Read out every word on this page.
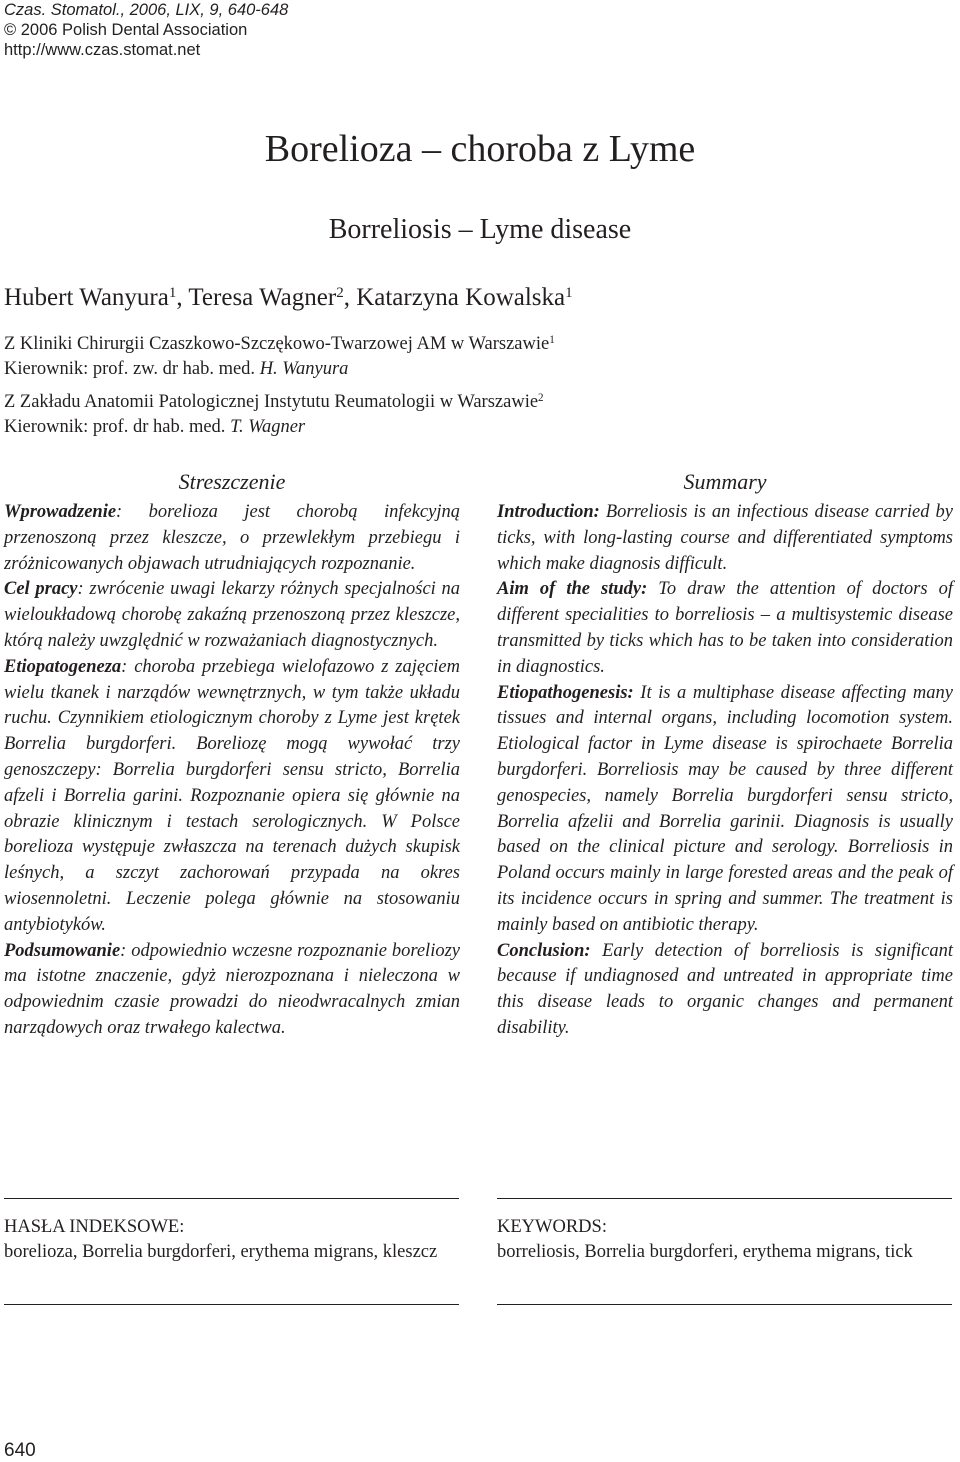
Czas. Stomatol., 2006, LIX, 9, 640-648
© 2006 Polish Dental Association
http://www.czas.stomat.net
Borelioza – choroba z Lyme
Borreliosis – Lyme disease
Hubert Wanyura$^1$, Teresa Wagner$^2$, Katarzyna Kowalska$^1$
Z Kliniki Chirurgii Czaszkowo-Szczękowo-Twarzowej AM w Warszawie$^1$
Kierownik: prof. zw. dr hab. med. H. Wanyura
Z Zakładu Anatomii Patologicznej Instytutu Reumatologii w Warszawie$^2$
Kierownik: prof. dr hab. med. T. Wagner
Streszczenie

Wprowadzenie: borelioza jest chorobą infekcyjną przenoszoną przez kleszcze, o przewlekłym przebiegu i zróżnicowanych objawach utrudniających rozpoznanie.

Cel pracy: zwrócenie uwagi lekarzy różnych specjalności na wieloukładową chorobę zakaźną przenoszoną przez kleszcze, którą należy uwzględnić w rozważaniach diagnostycznych.

Etiopatogeneza: choroba przebiega wielofazowo z zajęciem wielu tkanek i narządów wewnętrznych, w tym także układu ruchu. Czynnikiem etiologicznym choroby z Lyme jest krętek Borrelia burgdorferi. Boreliozę mogą wywołać trzy genoszczepy: Borrelia burgdorferi sensu stricto, Borrelia afzeli i Borrelia garini. Rozpoznanie opiera się głównie na obrazie klinicznym i testach serologicznych. W Polsce borelioza występuje zwłaszcza na terenach dużych skupisk leśnych, a szczyt zachorowań przypada na okres wiosennoletni. Leczenie polega głównie na stosowaniu antybiotyków.

Podsumowanie: odpowiednio wczesne rozpoznanie boreliozy ma istotne znaczenie, gdyż nierozpoznana i nieleczona w odpowiednim czasie prowadzi do nieodwracalnych zmian narządowych oraz trwałego kalectwa.

Summary

Introduction: Borreliosis is an infectious disease carried by ticks, with long-lasting course and differentiated symptoms which make diagnosis difficult.

Aim of the study: To draw the attention of doctors of different specialities to borreliosis – a multisystemic disease transmitted by ticks which has to be taken into consideration in diagnostics.

Etiopathogenesis: It is a multiphase disease affecting many tissues and internal organs, including locomotion system. Etiological factor in Lyme disease is spirochaete Borrelia burgdorferi. Borreliosis may be caused by three different genospecies, namely Borrelia burgdorferi sensu stricto, Borrelia afzelii and Borrelia garinii. Diagnosis is usually based on the clinical picture and serology. Borreliosis in Poland occurs mainly in large forested areas and the peak of its incidence occurs in spring and summer. The treatment is mainly based on antibiotic therapy.

Conclusion: Early detection of borreliosis is significant because if undiagnosed and untreated in appropriate time this disease leads to organic changes and permanent disability.

HASŁA INDEKSOWE:
borelioza, Borrelia burgdorferi, erythema migrans, kleszcz
KEYWORDS:
borreliosis, Borrelia burgdorferi, erythema migrans, tick
640
